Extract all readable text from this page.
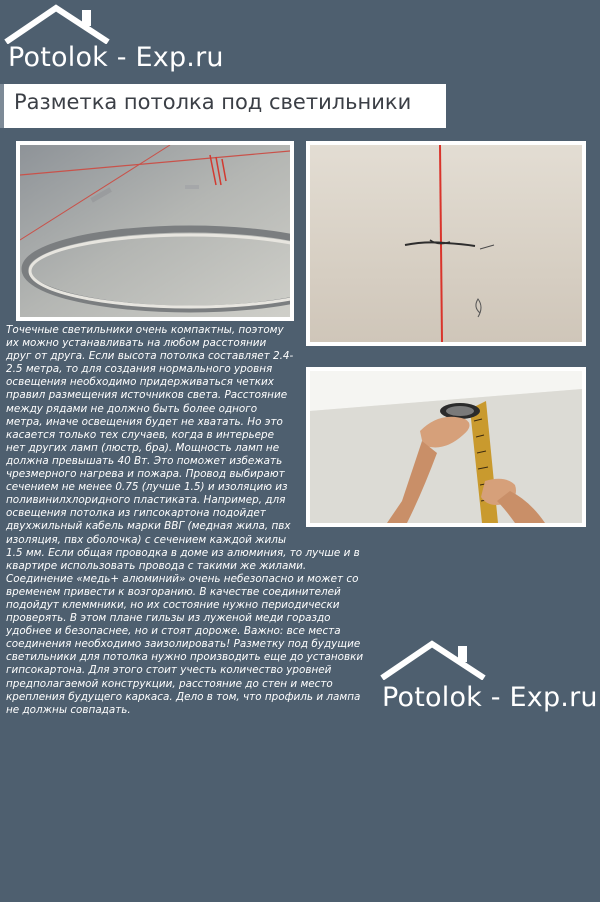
Potolok - Exp.ru
Разметка потолка под светильники

Точечные светильники очень компактны, поэтому их можно устанавливать на любом расстоянии друг от друга. Если высота потолка составляет 2.4-2.5 метра, то для создания нормального уровня освещения необходимо придерживаться четких правил размещения источников света. Расстояние между рядами не должно быть более одного метра, иначе освещения будет не хватать. Но это касается только тех случаев, когда в интерьере нет других ламп (люстр, бра). Мощность ламп не должна превышать 40 Вт. Это поможет избежать чрезмерного нагрева и пожара. Провод выбирают сечением не менее 0.75 (лучше 1.5) и изоляцию из поливинилхлоридного пластиката. Например, для освещения потолка из гипсокартона подойдет двухжильный кабель марки ВВГ (медная жила, пвх изоляция, пвх оболочка) с сечением каждой жилы 1.5 мм. Если общая проводка в доме из алюминия, то лучше и в квартире использовать провода с такими же жилами. Соединение «медь+ алюминий» очень небезопасно и может со временем привести к возгоранию. В качестве соединителей подойдут клеммники, но их состояние нужно периодически проверять. В этом плане гильзы из луженой меди гораздо удобнее и безопаснее, но и стоят дороже. Важно: все места соединения необходимо заизолировать! Разметку под будущие светильники для потолка нужно производить еще до установки гипсокартона. Для этого стоит учесть количество уровней предполагаемой конструкции, расстояние до стен и место крепления будущего каркаса. Дело в том, что профиль и лампа не должны совпадать.	Potolok - Exp.ru
